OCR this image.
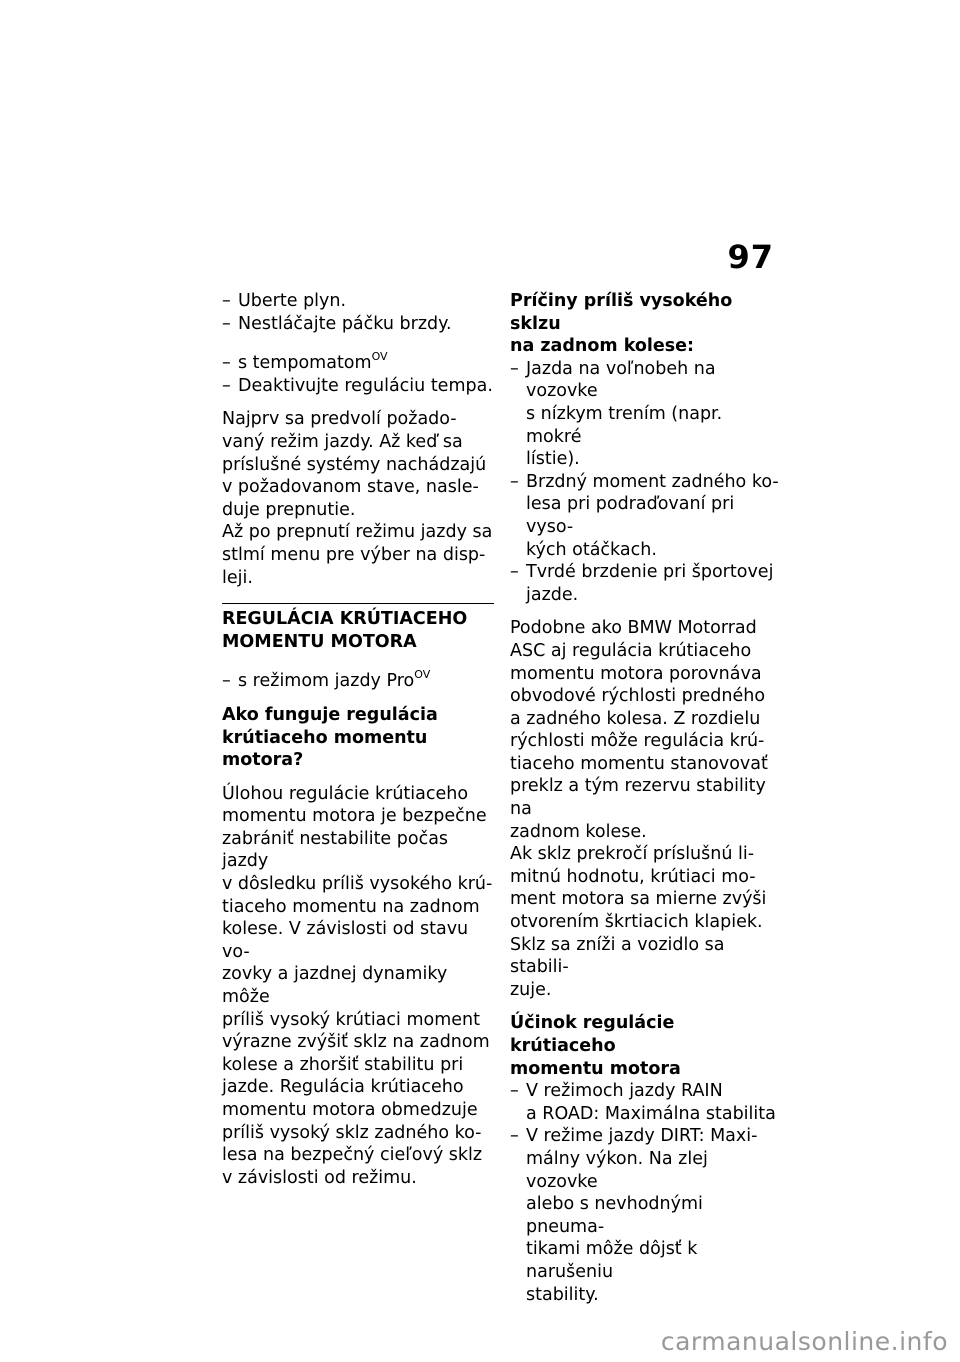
97

– Uberte plyn.

– Nestláčajte páčku brzdy.

– s tempomatom$^{OV}$

– Deaktivujte reguláciu tempa.

Najprv sa predvolí požado-
vaný režim jazdy. Až keď sa
príslušné systémy nachádzajú
v požadovanom stave, nasle-
duje prepnutie.

Až po prepnutí režimu jazdy sa
stlmí menu pre výber na disp-
leji.

REGULÁCIA KRÚTIACEHO
MOMENTU MOTORA

– s režimom jazdy Pro$^{OV}$

Ako funguje regulácia
krútiaceho momentu motora?

Úlohou regulácie krútiaceho
momentu motora je bezpečne
zabrániť nestabilite počas jazdy
v dôsledku príliš vysokého krú-
tiaceho momentu na zadnom
kolese. V závislosti od stavu vo-
zovky a jazdnej dynamiky môže
príliš vysoký krútiaci moment
výrazne zvýšiť sklz na zadnom
kolese a zhoršiť stabilitu pri
jazde. Regulácia krútiaceho
momentu motora obmedzuje
príliš vysoký sklz zadného ko-
lesa na bezpečný cieľový sklz
v závislosti od režimu.

Príčiny príliš vysokého sklzu
na zadnom kolese:

– Jazda na voľnobeh na vozovke
s nízkym trením (napr. mokré
lístie).

– Brzdný moment zadného ko-
lesa pri podraďovaní pri vyso-
kých otáčkach.

– Tvrdé brzdenie pri športovej
jazde.

Podobne ako BMW Motorrad
ASC aj regulácia krútiaceho
momentu motora porovnáva
obvodové rýchlosti predného
a zadného kolesa. Z rozdielu
rýchlosti môže regulácia krú-
tiaceho momentu stanovovať
preklz a tým rezervu stability na
zadnom kolese.

Ak sklz prekročí príslušnú li-
mitnú hodnotu, krútiaci mo-
ment motora sa mierne zvýši
otvorením škrtiacich klapiek.
Sklz sa zníži a vozidlo sa stabili-
zuje.

Účinok regulácie krútiaceho
momentu motora

– V režimoch jazdy RAIN
a ROAD: Maximálna stabilita

– V režime jazdy DIRT: Maxi-
málny výkon. Na zlej vozovke
alebo s nevhodnými pneuma-
tikami môže dôjsť k narušeniu
stability.

carmanualsonline.info
